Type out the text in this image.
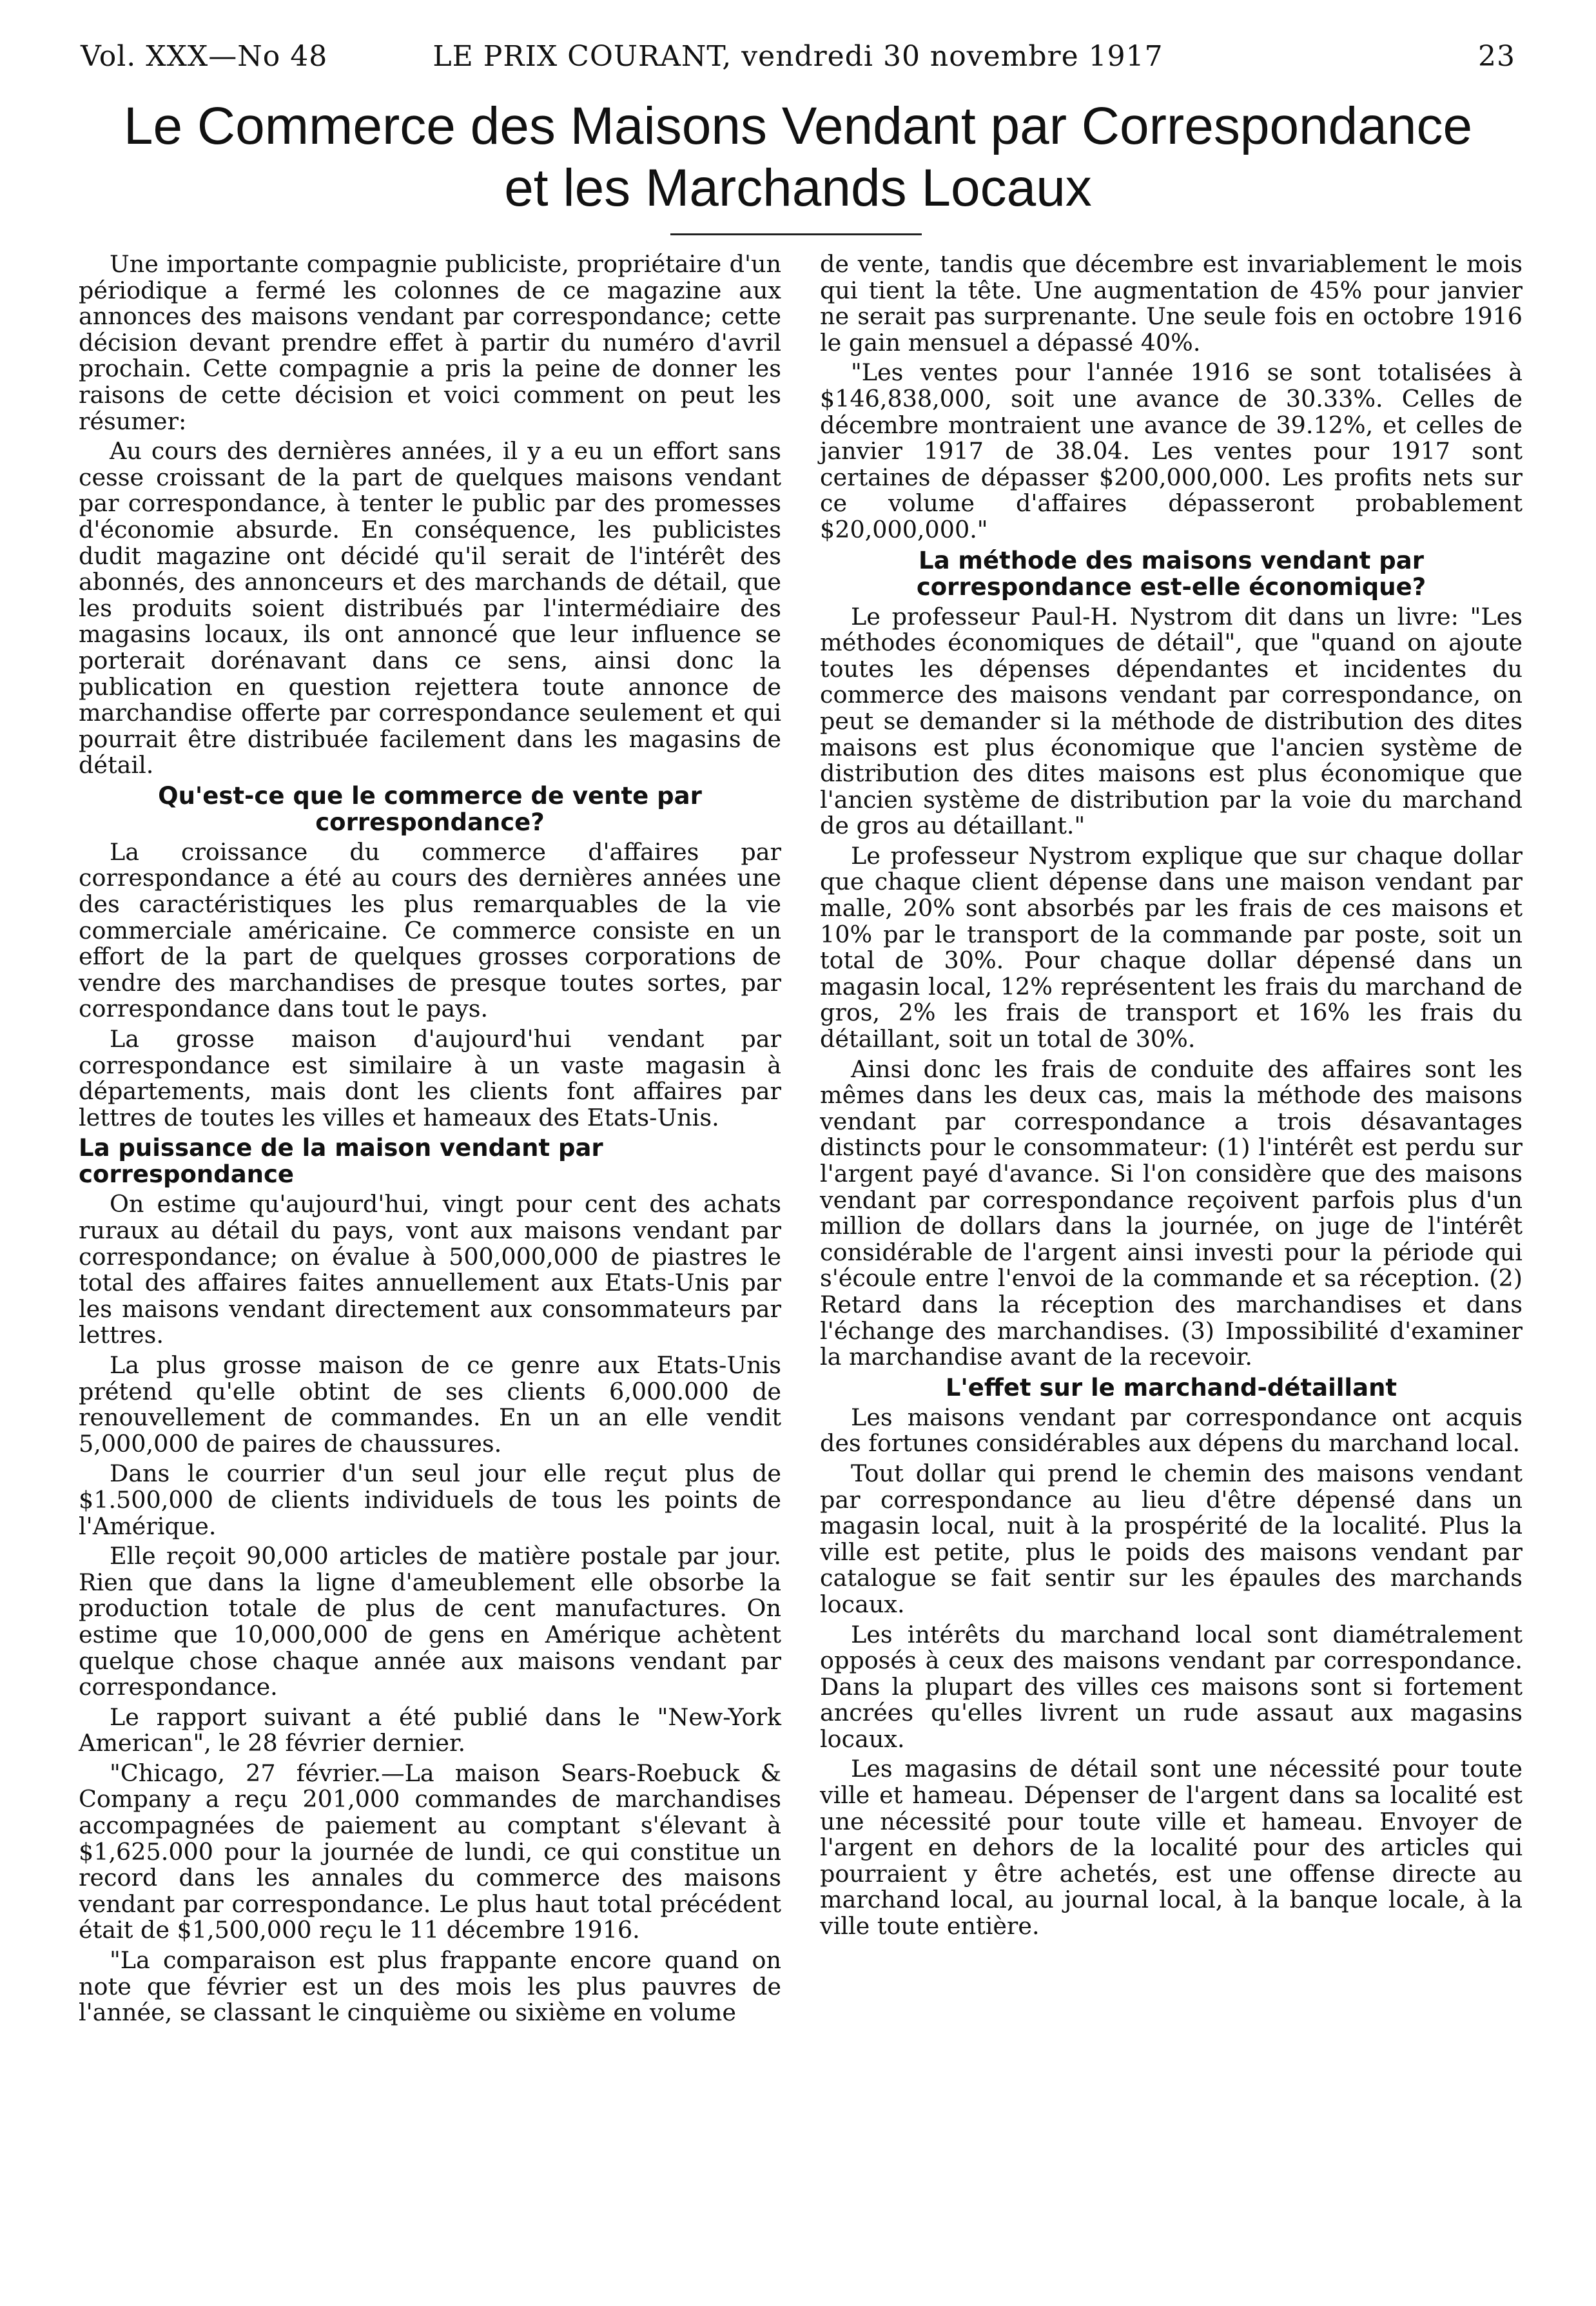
Vol. XXX—No 48	LE PRIX COURANT, vendredi 30 novembre 1917	23
Le Commerce des Maisons Vendant par Correspondance
et les Marchands Locaux

Une importante compagnie publiciste, propriétaire d'un périodique a fermé les colonnes de ce magazine aux annonces des maisons vendant par correspondance; cette décision devant prendre effet à partir du numéro d'avril prochain. Cette compagnie a pris la peine de donner les raisons de cette décision et voici comment on peut les résumer:

Au cours des dernières années, il y a eu un effort sans cesse croissant de la part de quelques maisons vendant par correspondance, à tenter le public par des promesses d'économie absurde. En conséquence, les publicistes dudit magazine ont décidé qu'il serait de l'intérêt des abonnés, des annonceurs et des marchands de détail, que les produits soient distribués par l'intermédiaire des magasins locaux, ils ont annoncé que leur influence se porterait dorénavant dans ce sens, ainsi donc la publication en question rejettera toute annonce de marchandise offerte par correspondance seulement et qui pourrait être distribuée facilement dans les magasins de détail.

Qu'est-ce que le commerce de vente par correspondance?

La croissance du commerce d'affaires par correspondance a été au cours des dernières années une des caractéristiques les plus remarquables de la vie commerciale américaine. Ce commerce consiste en un effort de la part de quelques grosses corporations de vendre des marchandises de presque toutes sortes, par correspondance dans tout le pays.

La grosse maison d'aujourd'hui vendant par correspondance est similaire à un vaste magasin à départements, mais dont les clients font affaires par lettres de toutes les villes et hameaux des Etats-Unis.

La puissance de la maison vendant par correspondance

On estime qu'aujourd'hui, vingt pour cent des achats ruraux au détail du pays, vont aux maisons vendant par correspondance; on évalue à 500,000,000 de piastres le total des affaires faites annuellement aux Etats-Unis par les maisons vendant directement aux consommateurs par lettres.

La plus grosse maison de ce genre aux Etats-Unis prétend qu'elle obtint de ses clients 6,000.000 de renouvellement de commandes. En un an elle vendit 5,000,000 de paires de chaussures.

Dans le courrier d'un seul jour elle reçut plus de $1.500,000 de clients individuels de tous les points de l'Amérique.

Elle reçoit 90,000 articles de matière postale par jour. Rien que dans la ligne d'ameublement elle obsorbe la production totale de plus de cent manufactures. On estime que 10,000,000 de gens en Amérique achètent quelque chose chaque année aux maisons vendant par correspondance.

Le rapport suivant a été publié dans le "New-York American", le 28 février dernier.

"Chicago, 27 février.—La maison Sears-Roebuck & Company a reçu 201,000 commandes de marchandises accompagnées de paiement au comptant s'élevant à $1,625.000 pour la journée de lundi, ce qui constitue un record dans les annales du commerce des maisons vendant par correspondance. Le plus haut total précédent était de $1,500,000 reçu le 11 décembre 1916.

"La comparaison est plus frappante encore quand on note que février est un des mois les plus pauvres de l'année, se classant le cinquième ou sixième en volume

de vente, tandis que décembre est invariablement le mois qui tient la tête. Une augmentation de 45% pour janvier ne serait pas surprenante. Une seule fois en octobre 1916 le gain mensuel a dépassé 40%.

"Les ventes pour l'année 1916 se sont totalisées à $146,838,000, soit une avance de 30.33%. Celles de décembre montraient une avance de 39.12%, et celles de janvier 1917 de 38.04. Les ventes pour 1917 sont certaines de dépasser $200,000,000. Les profits nets sur ce volume d'affaires dépasseront probablement $20,000,000."

La méthode des maisons vendant par correspondance est-elle économique?

Le professeur Paul-H. Nystrom dit dans un livre: "Les méthodes économiques de détail", que "quand on ajoute toutes les dépenses dépendantes et incidentes du commerce des maisons vendant par correspondance, on peut se demander si la méthode de distribution des dites maisons est plus économique que l'ancien système de distribution des dites maisons est plus économique que l'ancien système de distribution par la voie du marchand de gros au détaillant."

Le professeur Nystrom explique que sur chaque dollar que chaque client dépense dans une maison vendant par malle, 20% sont absorbés par les frais de ces maisons et 10% par le transport de la commande par poste, soit un total de 30%. Pour chaque dollar dépensé dans un magasin local, 12% représentent les frais du marchand de gros, 2% les frais de transport et 16% les frais du détaillant, soit un total de 30%.

Ainsi donc les frais de conduite des affaires sont les mêmes dans les deux cas, mais la méthode des maisons vendant par correspondance a trois désavantages distincts pour le consommateur: (1) l'intérêt est perdu sur l'argent payé d'avance. Si l'on considère que des maisons vendant par correspondance reçoivent parfois plus d'un million de dollars dans la journée, on juge de l'intérêt considérable de l'argent ainsi investi pour la période qui s'écoule entre l'envoi de la commande et sa réception. (2) Retard dans la réception des marchandises et dans l'échange des marchandises. (3) Impossibilité d'examiner la marchandise avant de la recevoir.

L'effet sur le marchand-détaillant

Les maisons vendant par correspondance ont acquis des fortunes considérables aux dépens du marchand local.

Tout dollar qui prend le chemin des maisons vendant par correspondance au lieu d'être dépensé dans un magasin local, nuit à la prospérité de la localité. Plus la ville est petite, plus le poids des maisons vendant par catalogue se fait sentir sur les épaules des marchands locaux.

Les intérêts du marchand local sont diamétralement opposés à ceux des maisons vendant par correspondance. Dans la plupart des villes ces maisons sont si fortement ancrées qu'elles livrent un rude assaut aux magasins locaux.

Les magasins de détail sont une nécessité pour toute ville et hameau. Dépenser de l'argent dans sa localité est une nécessité pour toute ville et hameau. Envoyer de l'argent en dehors de la localité pour des articles qui pourraient y être achetés, est une offense directe au marchand local, au journal local, à la banque locale, à la ville toute entière.
